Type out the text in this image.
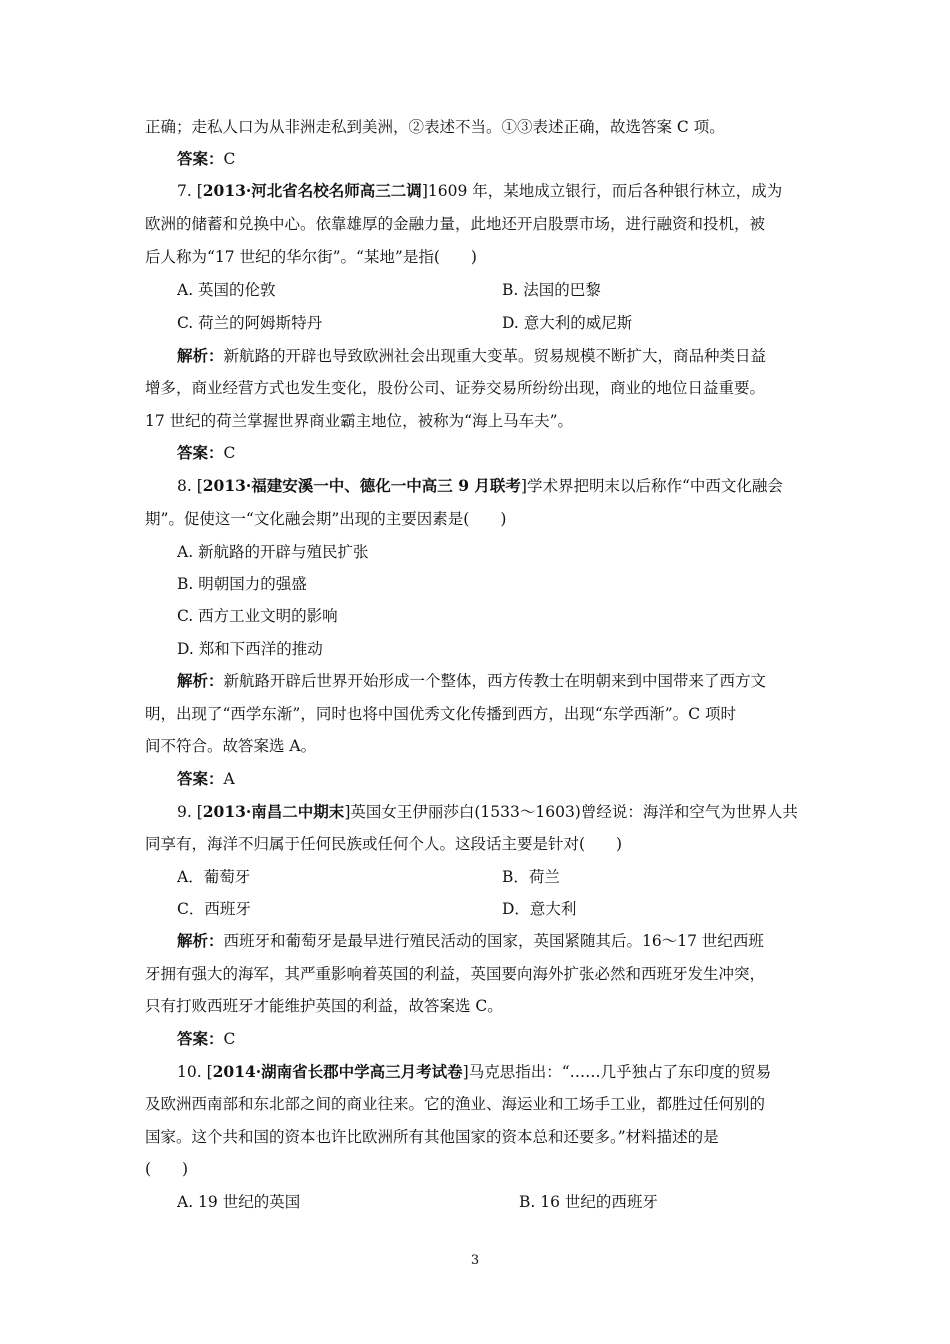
正确；走私人口为从非洲走私到美洲，②表述不当。①③表述正确，故选答案 C 项。
答案：C
7. [2013·河北省名校名师高三二调]1609 年，某地成立银行，而后各种银行林立，成为
欧洲的储蓄和兑换中心。依靠雄厚的金融力量，此地还开启股票市场，进行融资和投机，被
后人称为“17 世纪的华尔街”。“某地”是指(　　)
A. 英国的伦敦	B. 法国的巴黎
C. 荷兰的阿姆斯特丹	D. 意大利的威尼斯
解析：新航路的开辟也导致欧洲社会出现重大变革。贸易规模不断扩大，商品种类日益
增多，商业经营方式也发生变化，股份公司、证券交易所纷纷出现，商业的地位日益重要。
17 世纪的荷兰掌握世界商业霸主地位，被称为“海上马车夫”。
答案：C
8. [2013·福建安溪一中、德化一中高三 9 月联考]学术界把明末以后称作“中西文化融会
期”。促使这一“文化融会期”出现的主要因素是(　　)
A. 新航路的开辟与殖民扩张
B. 明朝国力的强盛
C. 西方工业文明的影响
D. 郑和下西洋的推动
解析：新航路开辟后世界开始形成一个整体，西方传教士在明朝来到中国带来了西方文
明，出现了“西学东渐”，同时也将中国优秀文化传播到西方，出现“东学西渐”。C 项时
间不符合。故答案选 A。
答案：A
9. [2013·南昌二中期末]英国女王伊丽莎白(1533～1603)曾经说：海洋和空气为世界人共
同享有，海洋不归属于任何民族或任何个人。这段话主要是针对(　　)
A．葡萄牙	B．荷兰
C．西班牙	D．意大利
解析：西班牙和葡萄牙是最早进行殖民活动的国家，英国紧随其后。16～17 世纪西班
牙拥有强大的海军，其严重影响着英国的利益，英国要向海外扩张必然和西班牙发生冲突，
只有打败西班牙才能维护英国的利益，故答案选 C。
答案：C
10. [2014·湖南省长郡中学高三月考试卷]马克思指出：“……几乎独占了东印度的贸易
及欧洲西南部和东北部之间的商业往来。它的渔业、海运业和工场手工业，都胜过任何别的
国家。这个共和国的资本也许比欧洲所有其他国家的资本总和还要多。”材料描述的是
(　　)
A. 19 世纪的英国	B. 16 世纪的西班牙
3
